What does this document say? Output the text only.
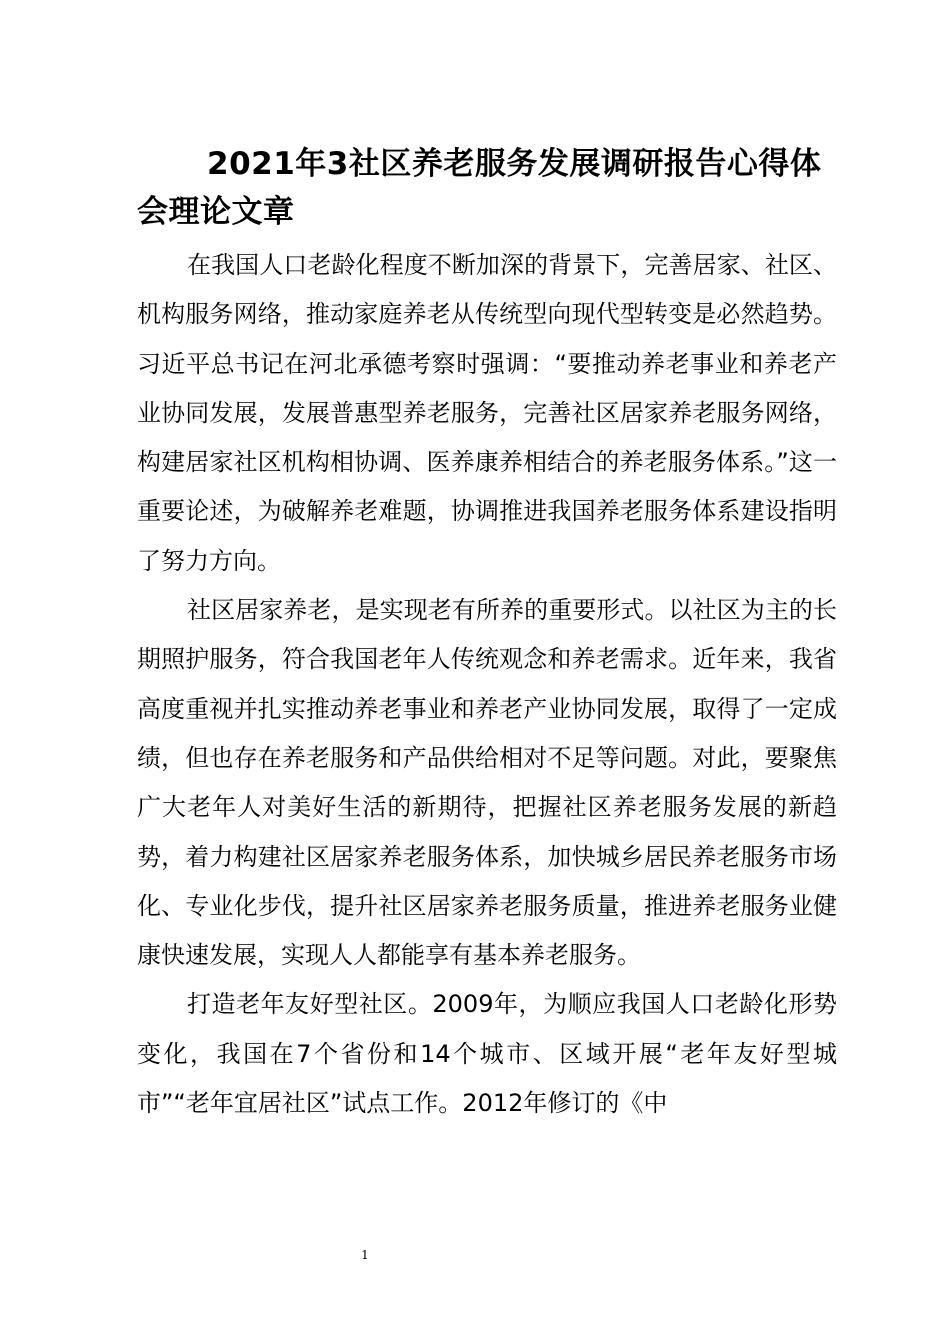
2021年3社区养老服务发展调研报告心得体会理论文章

在我国人口老龄化程度不断加深的背景下，完善居家、社区、机构服务网络，推动家庭养老从传统型向现代型转变是必然趋势。习近平总书记在河北承德考察时强调：“要推动养老事业和养老产业协同发展，发展普惠型养老服务，完善社区居家养老服务网络，构建居家社区机构相协调、医养康养相结合的养老服务体系。”这一重要论述，为破解养老难题，协调推进我国养老服务体系建设指明了努力方向。

社区居家养老，是实现老有所养的重要形式。以社区为主的长期照护服务，符合我国老年人传统观念和养老需求。近年来，我省高度重视并扎实推动养老事业和养老产业协同发展，取得了一定成绩，但也存在养老服务和产品供给相对不足等问题。对此，要聚焦广大老年人对美好生活的新期待，把握社区养老服务发展的新趋势，着力构建社区居家养老服务体系，加快城乡居民养老服务市场化、专业化步伐，提升社区居家养老服务质量，推进养老服务业健康快速发展，实现人人都能享有基本养老服务。

打造老年友好型社区。2009年，为顺应我国人口老龄化形势变化，我国在7个省份和14个城市、区域开展“老年友好型城市”“老年宜居社区”试点工作。2012年修订的《中

1
